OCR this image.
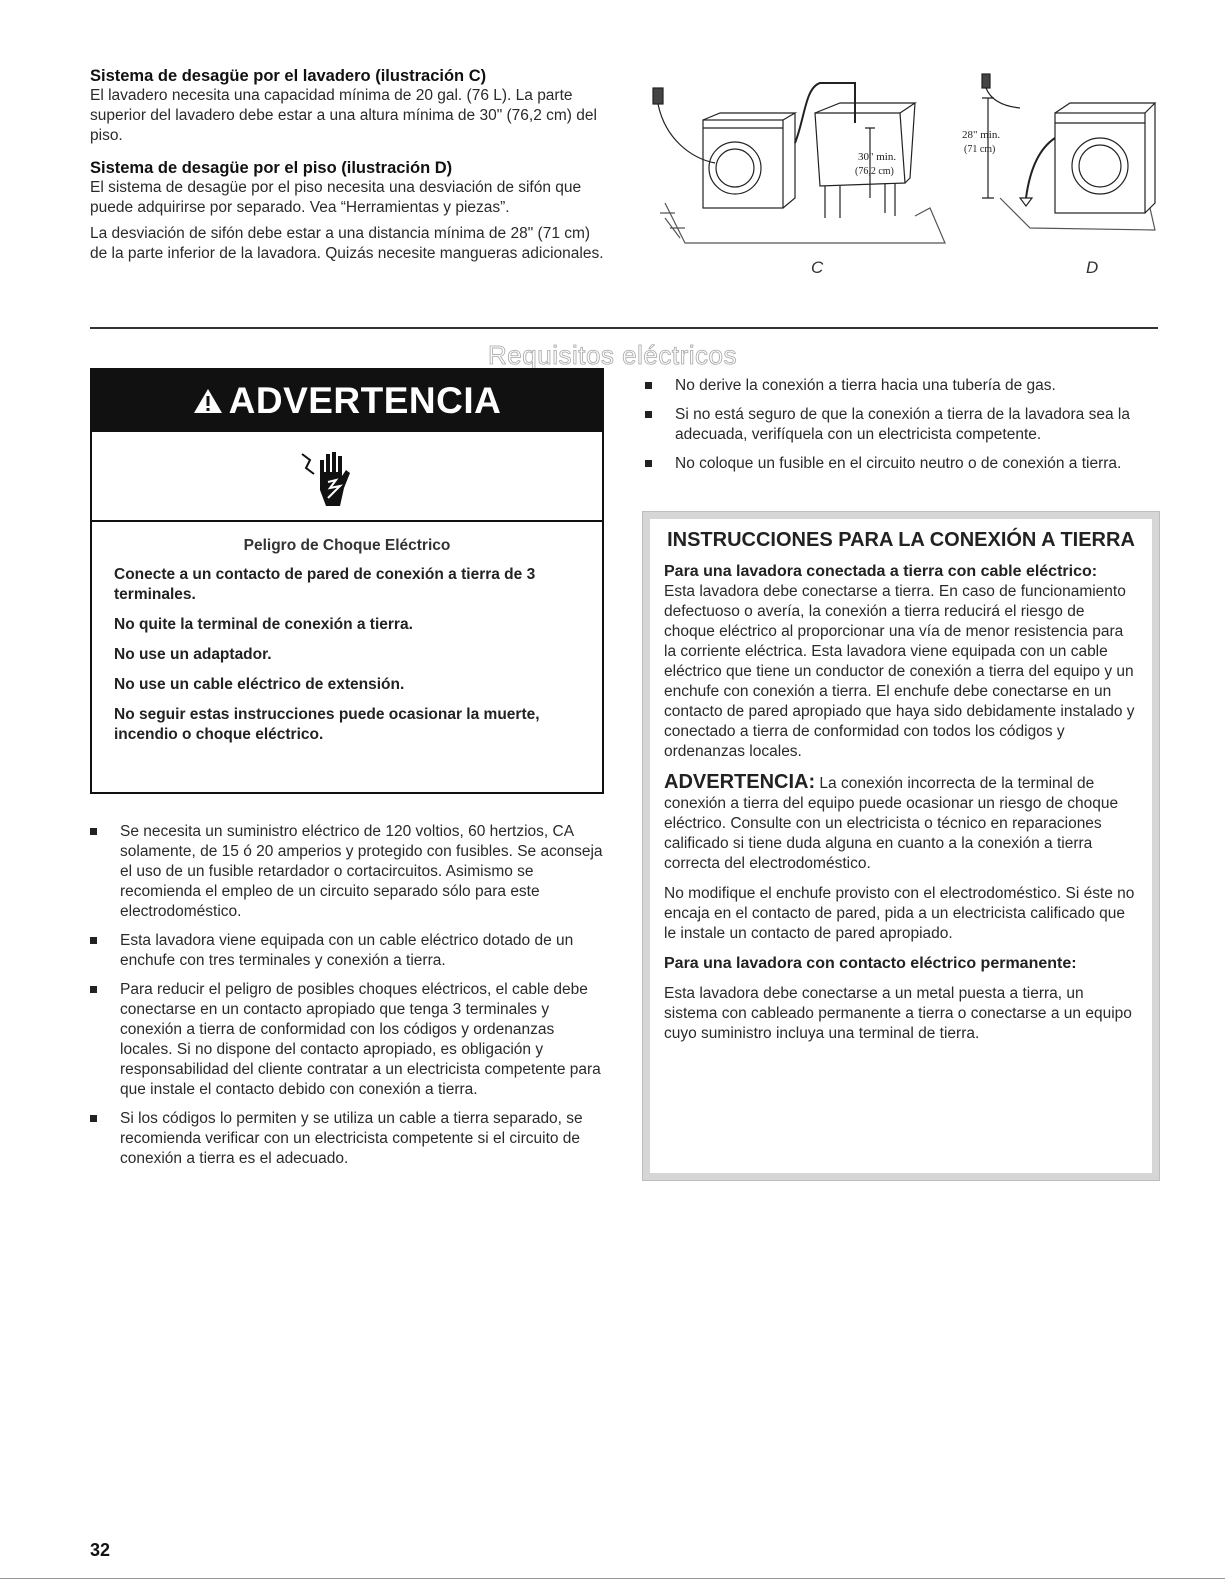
Sistema de desagüe por el lavadero (ilustración C)

El lavadero necesita una capacidad mínima de 20 gal. (76 L). La parte superior del lavadero debe estar a una altura mínima de 30" (76,2 cm) del piso.

Sistema de desagüe por el piso (ilustración D)

El sistema de desagüe por el piso necesita una desviación de sifón que puede adquirirse por separado. Vea “Herramientas y piezas”.

La desviación de sifón debe estar a una distancia mínima de 28" (71 cm) de la parte inferior de la lavadora. Quizás necesite mangueras adicionales.

30" min.
(76,2 cm)
C
28" min.
(71 cm)
D
Requisitos eléctricos
ADVERTENCIA

Peligro de Choque Eléctrico

Conecte a un contacto de pared de conexión a tierra de 3 terminales.

No quite la terminal de conexión a tierra.

No use un adaptador.

No use un cable eléctrico de extensión.

No seguir estas instrucciones puede ocasionar la muerte, incendio o choque eléctrico.

Se necesita un suministro eléctrico de 120 voltios, 60 hertzios, CA solamente, de 15 ó 20 amperios y protegido con fusibles. Se aconseja el uso de un fusible retardador o cortacircuitos. Asimismo se recomienda el empleo de un circuito separado sólo para este electrodoméstico.
Esta lavadora viene equipada con un cable eléctrico dotado de un enchufe con tres terminales y conexión a tierra.
Para reducir el peligro de posibles choques eléctricos, el cable debe conectarse en un contacto apropiado que tenga 3 terminales y conexión a tierra de conformidad con los códigos y ordenanzas locales. Si no dispone del contacto apropiado, es obligación y responsabilidad del cliente contratar a un electricista competente para que instale el contacto debido con conexión a tierra.
Si los códigos lo permiten y se utiliza un cable a tierra separado, se recomienda verificar con un electricista competente si el circuito de conexión a tierra es el adecuado.
No derive la conexión a tierra hacia una tubería de gas.
Si no está seguro de que la conexión a tierra de la lavadora sea la adecuada, verifíquela con un electricista competente.
No coloque un fusible en el circuito neutro o de conexión a tierra.

INSTRUCCIONES PARA LA CONEXIÓN A TIERRA

Para una lavadora conectada a tierra con cable eléctrico:

Esta lavadora debe conectarse a tierra. En caso de funcionamiento defectuoso o avería, la conexión a tierra reducirá el riesgo de choque eléctrico al proporcionar una vía de menor resistencia para la corriente eléctrica. Esta lavadora viene equipada con un cable eléctrico que tiene un conductor de conexión a tierra del equipo y un enchufe con conexión a tierra. El enchufe debe conectarse en un contacto de pared apropiado que haya sido debidamente instalado y conectado a tierra de conformidad con todos los códigos y ordenanzas locales.

ADVERTENCIA: La conexión incorrecta de la terminal de conexión a tierra del equipo puede ocasionar un riesgo de choque eléctrico. Consulte con un electricista o técnico en reparaciones calificado si tiene duda alguna en cuanto a la conexión a tierra correcta del electrodoméstico.

No modifique el enchufe provisto con el electrodoméstico. Si éste no encaja en el contacto de pared, pida a un electricista calificado que le instale un contacto de pared apropiado.

Para una lavadora con contacto eléctrico permanente:

Esta lavadora debe conectarse a un metal puesta a tierra, un sistema con cableado permanente a tierra o conectarse a un equipo cuyo suministro incluya una terminal de tierra.

32
